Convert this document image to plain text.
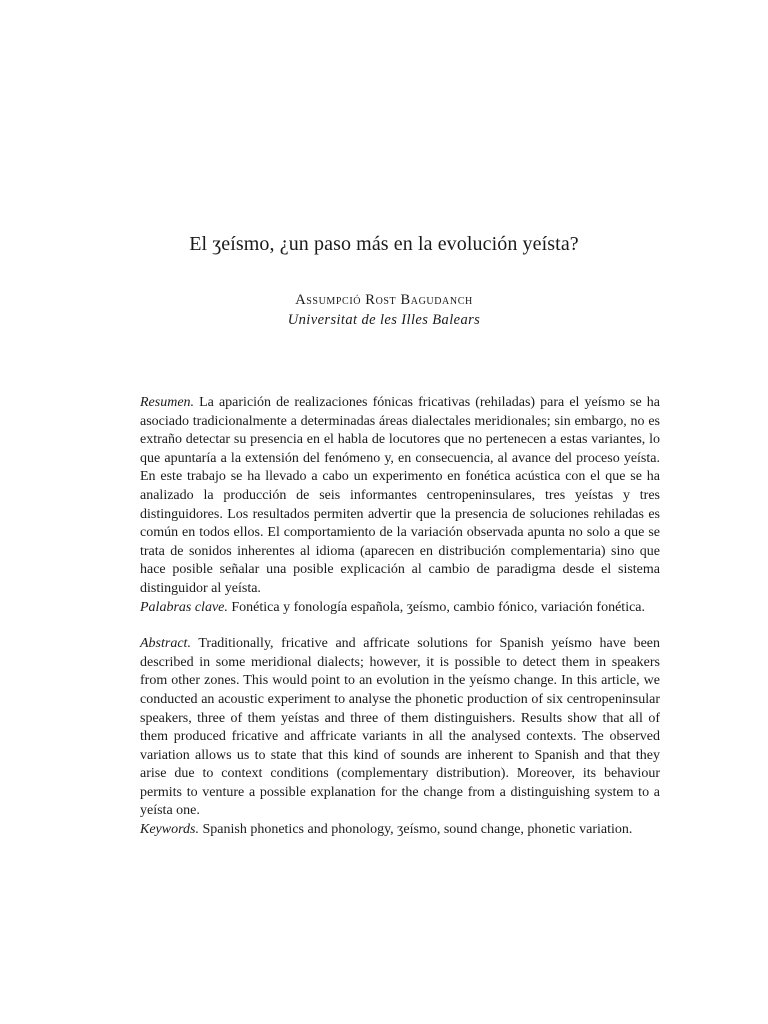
El ʒeísmo, ¿un paso más en la evolución yeísta?
Assumpció Rost Bagudanch
Universitat de les Illes Balears

Resumen. La aparición de realizaciones fónicas fricativas (rehiladas) para el yeísmo se ha asociado tradicionalmente a determinadas áreas dialectales meridionales; sin embargo, no es extraño detectar su presencia en el habla de locutores que no pertenecen a estas variantes, lo que apuntaría a la extensión del fenómeno y, en consecuencia, al avance del proceso yeísta. En este trabajo se ha llevado a cabo un experimento en fonética acústica con el que se ha analizado la producción de seis informantes centropeninsulares, tres yeístas y tres distinguidores. Los resultados permiten advertir que la presencia de soluciones rehiladas es común en todos ellos. El comportamiento de la variación observada apunta no solo a que se trata de sonidos inherentes al idioma (aparecen en distribución complementaria) sino que hace posible señalar una posible explicación al cambio de paradigma desde el sistema distinguidor al yeísta.

Palabras clave. Fonética y fonología española, ʒeísmo, cambio fónico, variación fonética.

Abstract. Traditionally, fricative and affricate solutions for Spanish yeísmo have been described in some meridional dialects; however, it is possible to detect them in speakers from other zones. This would point to an evolution in the yeísmo change. In this article, we conducted an acoustic experiment to analyse the phonetic production of six centropeninsular speakers, three of them yeístas and three of them distinguishers. Results show that all of them produced fricative and affricate variants in all the analysed contexts. The observed variation allows us to state that this kind of sounds are inherent to Spanish and that they arise due to context conditions (complementary distribution). Moreover, its behaviour permits to venture a possible explanation for the change from a distinguishing system to a yeísta one.

Keywords. Spanish phonetics and phonology, ʒeísmo, sound change, phonetic variation.
